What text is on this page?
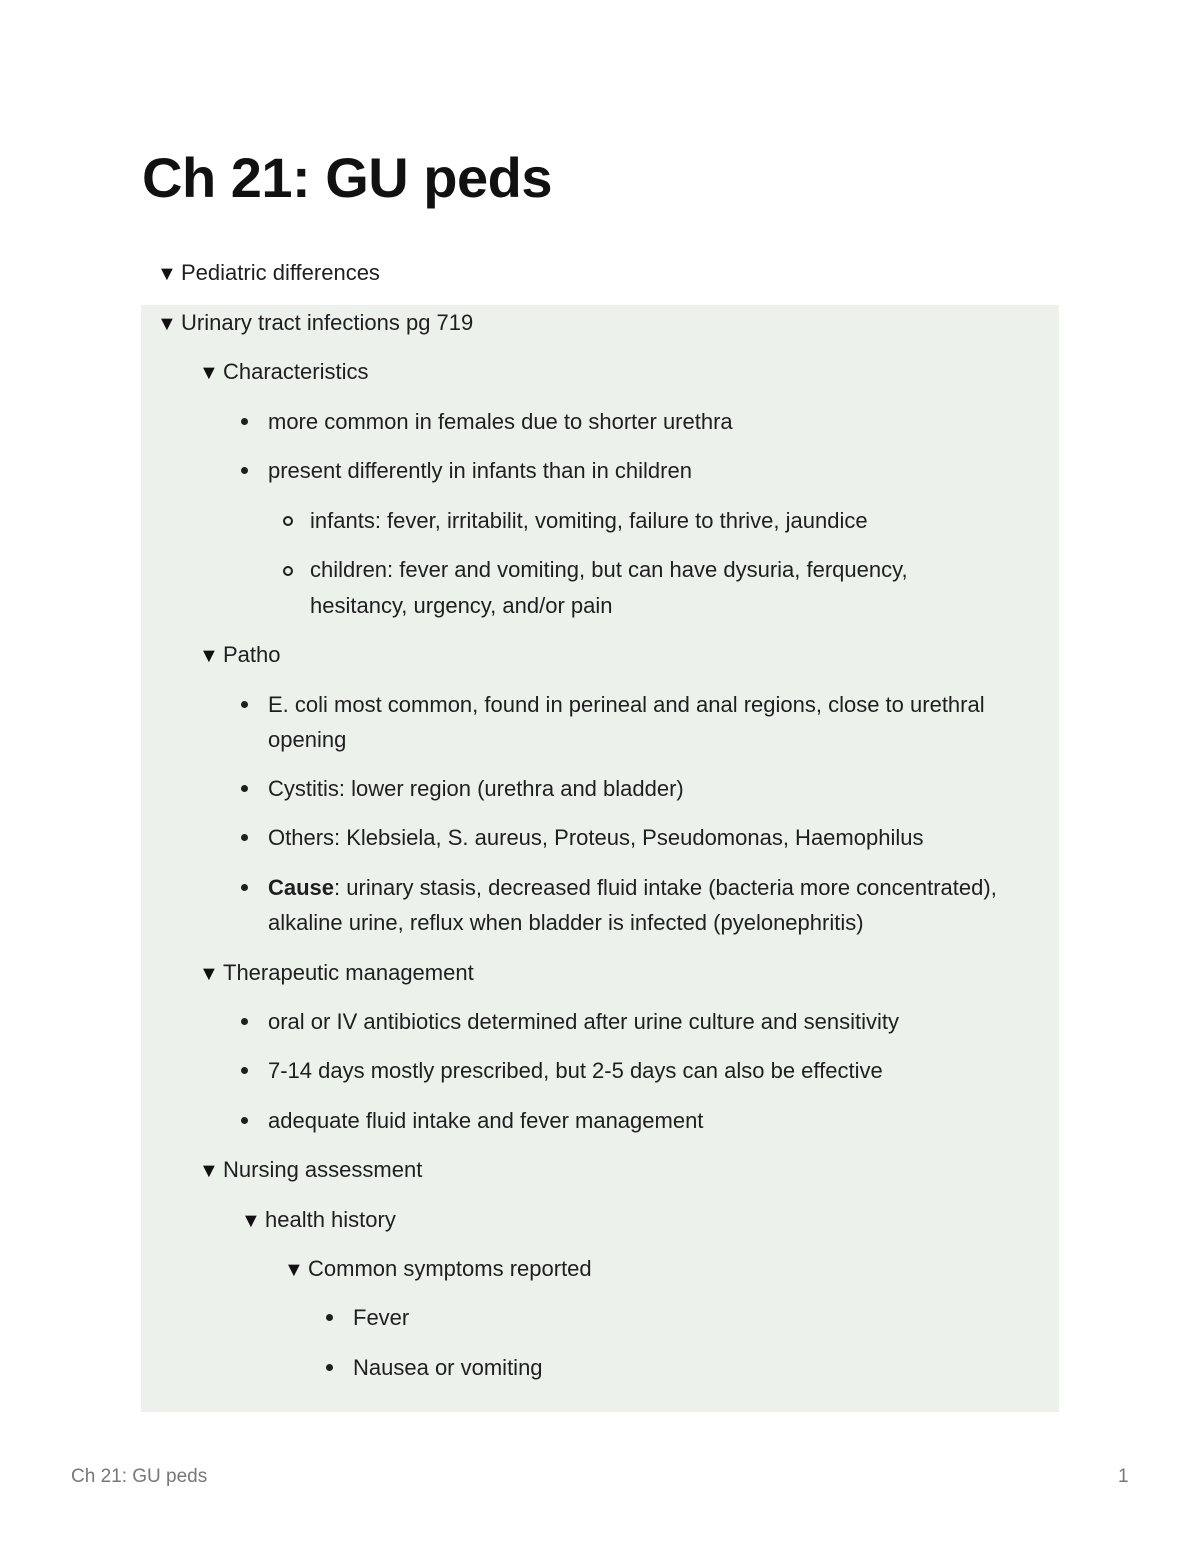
Ch 21: GU peds
▼ Pediatric differences
▼ Urinary tract infections pg 719
▼ Characteristics
more common in females due to shorter urethra
present differently in infants than in children
infants: fever, irritabilit, vomiting, failure to thrive, jaundice
children: fever and vomiting, but can have dysuria, ferquency,
hesitancy, urgency, and/or pain
▼ Patho
E. coli most common, found in perineal and anal regions, close to urethral
opening
Cystitis: lower region (urethra and bladder)
Others: Klebsiela, S. aureus, Proteus, Pseudomonas, Haemophilus
Cause: urinary stasis, decreased fluid intake (bacteria more concentrated),
alkaline urine, reflux when bladder is infected (pyelonephritis)
▼ Therapeutic management
oral or IV antibiotics determined after urine culture and sensitivity
7-14 days mostly prescribed, but 2-5 days can also be effective
adequate fluid intake and fever management
▼ Nursing assessment
▼ health history
▼ Common symptoms reported
Fever
Nausea or vomiting
Ch 21: GU peds	1
